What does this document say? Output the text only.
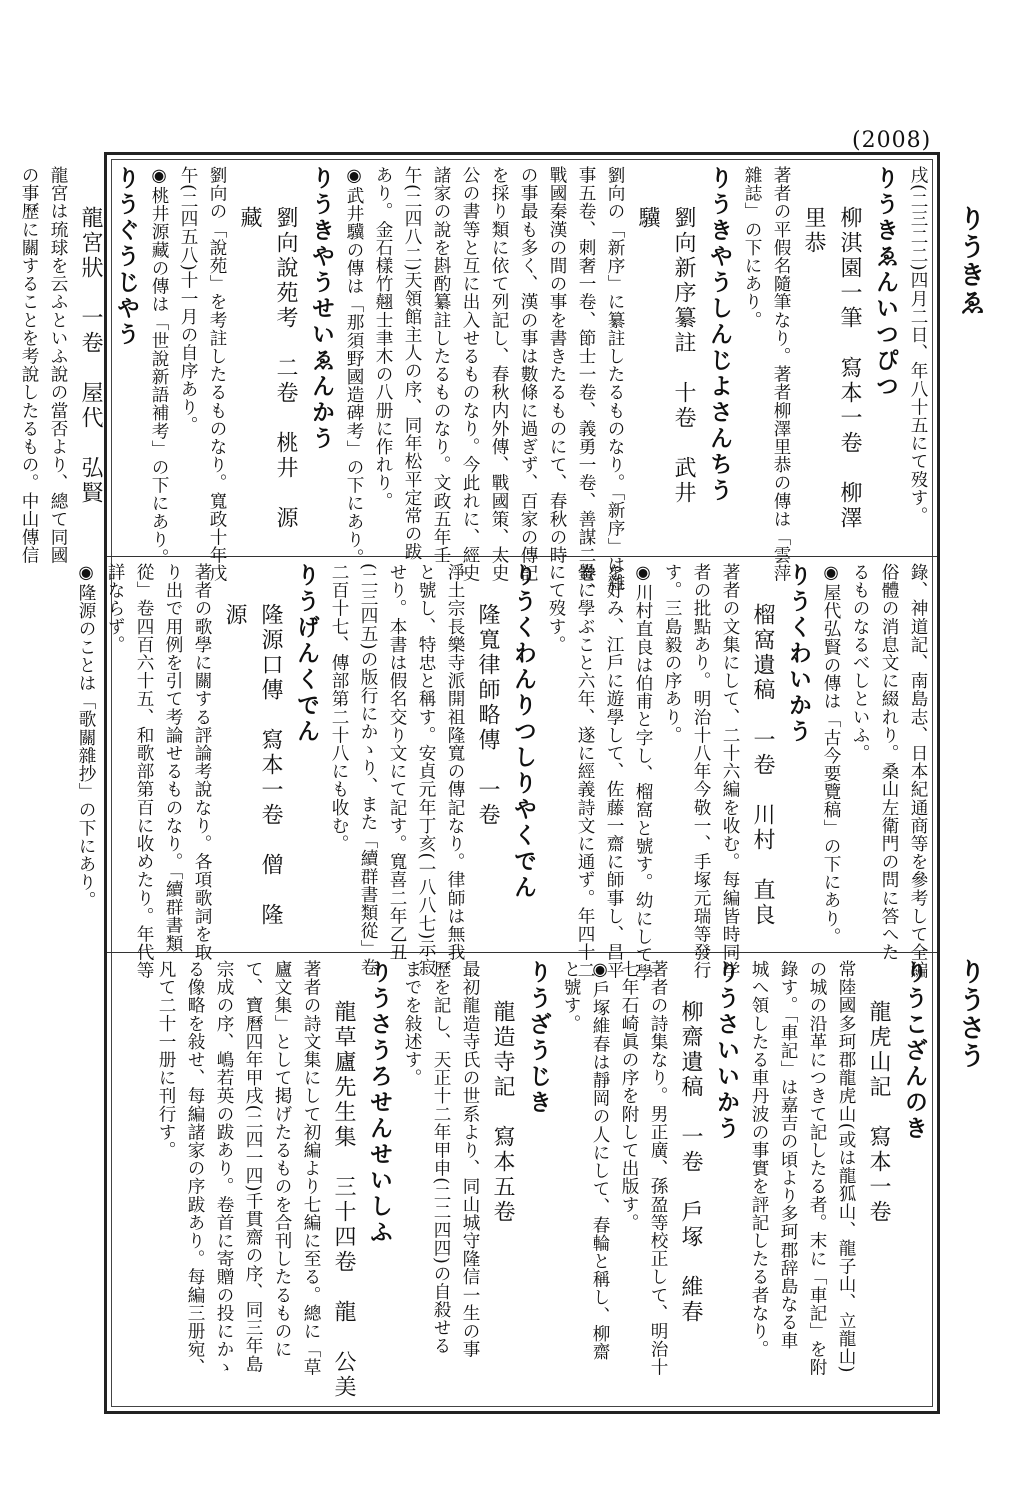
(2008)
りうきゑ
りうさう
戌(二三二二)四月二日、年八十五にて歿す。
りうきゑんいつぴつ
柳淇園一筆　寫本一卷　柳澤　里恭
著者の平假名隨筆なり。著者柳澤里恭の傳は「雲萍
雜誌」の下にあり。
りうきやうしんじよさんちう
劉向新序纂註　十卷　武井　驥
劉向の「新序」に纂註したるものなり。「新序」は雜
事五卷、刺奢一卷、節士一卷、義勇一卷、善謀二卷、
戰國秦漢の間の事を書きたるものにて、春秋の時
の事最も多く、漢の事は數條に過ぎず、百家の傳記
を採り類に依て列記し、春秋内外傳、戰國策、太史
公の書等と互に出入せるものなり。今此れに、經史
諸家の說を斟酌纂註したるものなり。文政五年壬
午(二四八二)天領館主人の序、同年松平定常の跋
あり。金石樣竹翹士聿木の八册に作れり。
◉武井驥の傳は「那須野國造碑考」の下にあり。
りうきやうせいゑんかう
劉向說苑考　二卷　桃井　源藏
劉向の「說苑」を考註したるものなり。寬政十年戊
午(二四五八)十一月の自序あり。
◉桃井源藏の傳は「世說新語補考」の下にあり。
りうぐうじやう
龍宮狀　一卷　屋代　弘賢
龍宮は琉球を云ふといふ說の當否より、總て同國
の事歷に關することを考說したるもの。中山傳信
錄、神道記、南島志、日本紀通商等を參考して全編
俗體の消息文に綴れり。桑山左衛門の問に答へた
るものなるべしといふ。
◉屋代弘賢の傳は「古今要覽稿」の下にあり。
りうくわいかう
榴窩遺稿　一卷　川村　直良
著者の文集にして、二十六編を收む。每編皆時同学
者の批點あり。明治十八年今敬一、手塚元瑞等發行
す。三島毅の序あり。
◉川村直良は伯甫と字し、榴窩と號す。幼にして學
を好み、江戶に遊學して、佐藤一齋に師事し、昌平
黌に學ぶこと六年、遂に經義詩文に通ず。年四十二
にて歿す。
りうくわんりつしりやくでん
隆寬律師略傳　一卷
淨土宗長樂寺派開祖隆寬の傳記なり。律師は無我
と號し、特忠と稱す。安貞元年丁亥(一八八七)示寂
せり。本書は假名交り文にて記す。寬喜二年乙丑
(二三四五)の版行にかゝり、また「續群書類從」卷
二百十七、傳部第二十八にも收む。
りうげんくでん
隆源口傳　寫本一卷　僧　隆源
著者の歌學に關する評論考說なり。各項歌詞を取
り出で用例を引て考論せるものなり。「續群書類
從」卷四百六十五、和歌部第百に收めたり。年代等
詳ならず。
◉隆源のことは「歌關雜抄」の下にあり。
りうこざんのき
龍虎山記　寫本一卷
常陸國多珂郡龍虎山(或は龍狐山、龍子山、立龍山)
の城の沿革につきて記したる者。末に「車記」を附
錄す。「車記」は嘉吉の頃より多珂郡辞島なる車
城へ領したる車丹波の事實を評記したる者なり。
りうさいいかう
柳齋遺稿　一卷　戶塚　維春
著者の詩集なり。男正廣、孫盈等校正して、明治十
七年石崎眞の序を附して出版す。
◉戶塚維春は靜岡の人にして、春輪と稱し、柳齋
と號す。
りうざうじき
龍造寺記　寫本五卷
最初龍造寺氏の世系より、同山城守隆信一生の事
歷を記し、天正十二年甲申(二二四四)の自殺せる
までを敍述す。
りうさうろせんせいしふ
龍草廬先生集　三十四卷　龍　公美
著者の詩文集にして初編より七編に至る。總に「草
廬文集」として掲げたるものを合刊したるものに
て、寶曆四年甲戌(二四一四)千貫齋の序、同三年島
宗成の序、嶋若英の跋あり。卷首に寄贈の投にかゝ
る像略を敍せ、每編諸家の序跋あり。每編三册宛、
凡て二十一册に刊行す。
